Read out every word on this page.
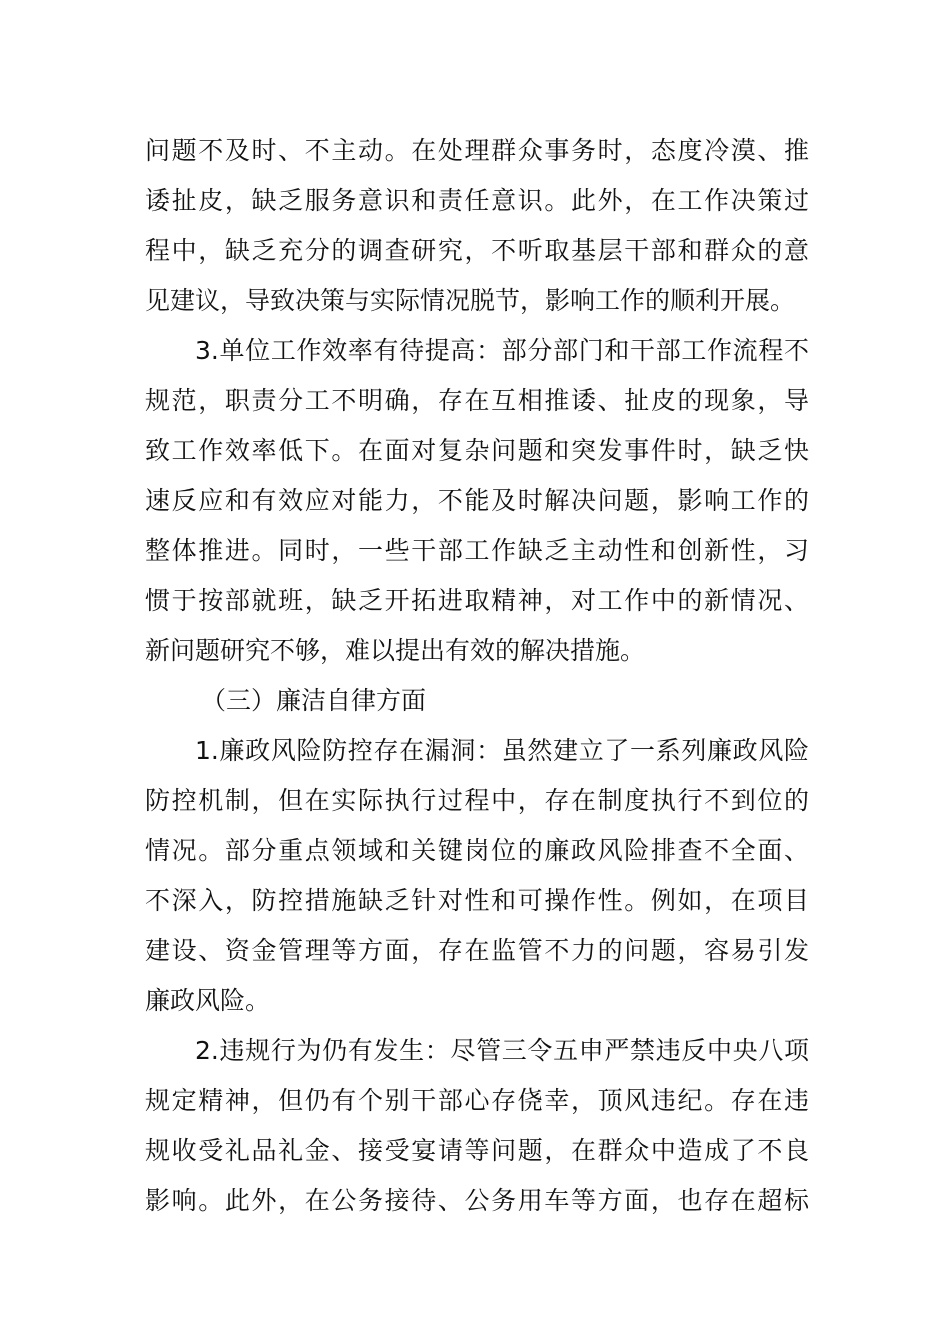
问题不及时、不主动。在处理群众事务时，态度冷漠、推
诿扯皮，缺乏服务意识和责任意识。此外，在工作决策过
程中，缺乏充分的调查研究，不听取基层干部和群众的意
见建议，导致决策与实际情况脱节，影响工作的顺利开展。
3.单位工作效率有待提高：部分部门和干部工作流程不
规范，职责分工不明确，存在互相推诿、扯皮的现象，导
致工作效率低下。在面对复杂问题和突发事件时，缺乏快
速反应和有效应对能力，不能及时解决问题，影响工作的
整体推进。同时，一些干部工作缺乏主动性和创新性，习
惯于按部就班，缺乏开拓进取精神，对工作中的新情况、
新问题研究不够，难以提出有效的解决措施。
（三）廉洁自律方面
1.廉政风险防控存在漏洞：虽然建立了一系列廉政风险
防控机制，但在实际执行过程中，存在制度执行不到位的
情况。部分重点领域和关键岗位的廉政风险排查不全面、
不深入，防控措施缺乏针对性和可操作性。例如，在项目
建设、资金管理等方面，存在监管不力的问题，容易引发
廉政风险。
2.违规行为仍有发生：尽管三令五申严禁违反中央八项
规定精神，但仍有个别干部心存侥幸，顶风违纪。存在违
规收受礼品礼金、接受宴请等问题，在群众中造成了不良
影响。此外，在公务接待、公务用车等方面，也存在超标
